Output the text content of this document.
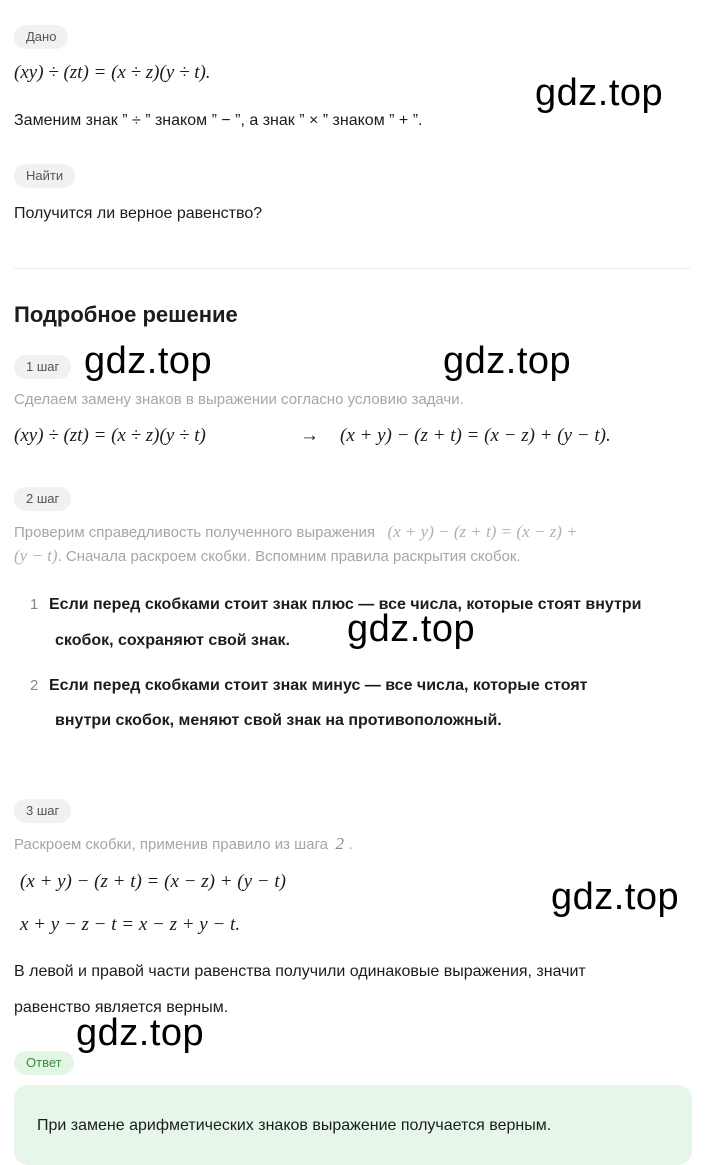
Дано
(xy) ÷ (zt) = (x ÷ z)(y ÷ t).
Заменим знак ” ÷ ” знаком ” − ”, а знак ” × ” знаком ” + ”.
Найти
Получится ли верное равенство?
Подробное решение
1 шаг
Сделаем замену знаков в выражении согласно условию задачи.
(xy) ÷ (zt) = (x ÷ z)(y ÷ t)	→ (x + y) − (z + t) = (x − z) + (y − t).
2 шаг
Проверим справедливость полученного выражения (x + y) − (z + t) = (x − z) +
(y − t). Сначала раскроем скобки. Вспомним правила раскрытия скобок.
1 Если перед скобками стоит знак плюс — все числа, которые стоят внутри
скобок, сохраняют свой знак.
2 Если перед скобками стоит знак минус — все числа, которые стоят
внутри скобок, меняют свой знак на противоположный.
3 шаг
Раскроем скобки, применив правило из шага 2 .
(x + y) − (z + t) = (x − z) + (y − t)
x + y − z − t = x − z + y − t.
В левой и правой части равенства получили одинаковые выражения, значит
равенство является верным.
Ответ
При замене арифметических знаков выражение получается верным.
gdz.top
gdz.top	gdz.top
gdz.top
gdz.top
gdz.top
